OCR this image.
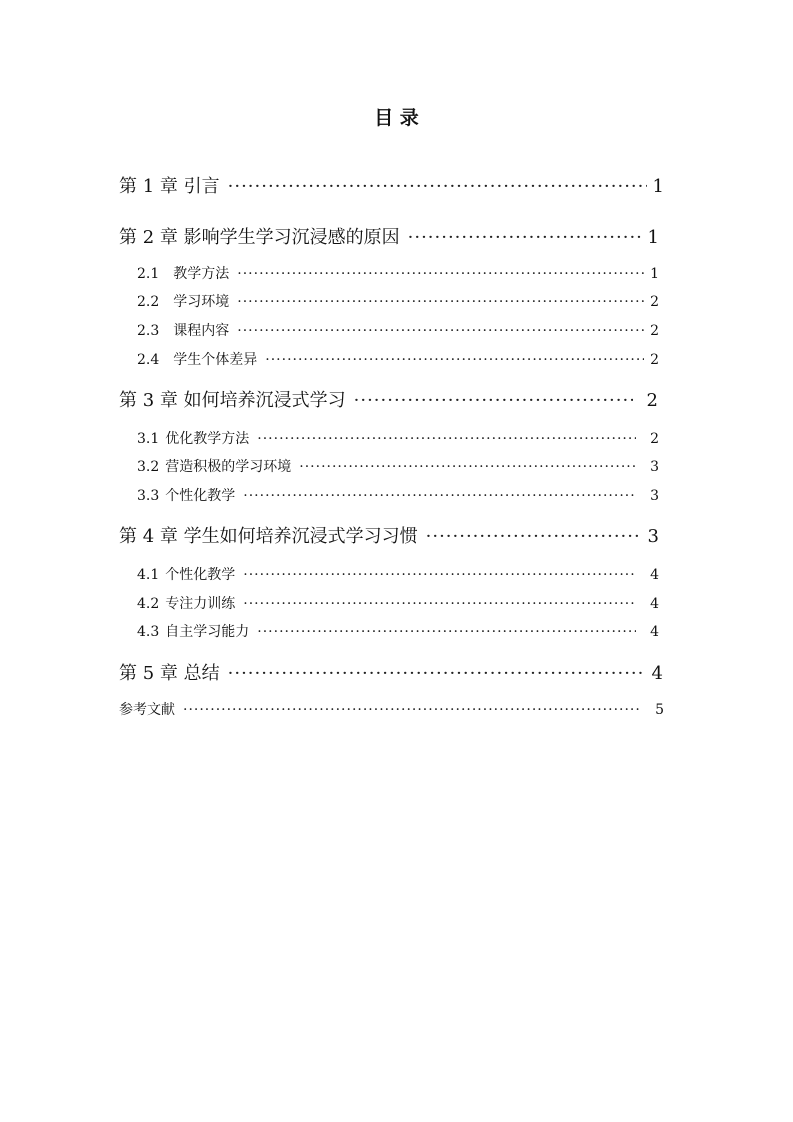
目 录
第 1 章 引言 ·····	1
第 2 章 影响学生学习沉浸感的原因 ·····	1
2.1 教学方法 ·····	1
2.2 学习环境 ·····	2
2.3 课程内容 ·····	2
2.4 学生个体差异 ·····	2
第 3 章 如何培养沉浸式学习 ·····	2
3.1 优化教学方法 ·····	2
3.2 营造积极的学习环境 ·····	3
3.3 个性化教学 ·····	3
第 4 章 学生如何培养沉浸式学习习惯 ·····	3
4.1 个性化教学 ·····	4
4.2 专注力训练 ·····	4
4.3 自主学习能力 ·····	4
第 5 章 总结 ·····	4
参考文献 ·····	5
